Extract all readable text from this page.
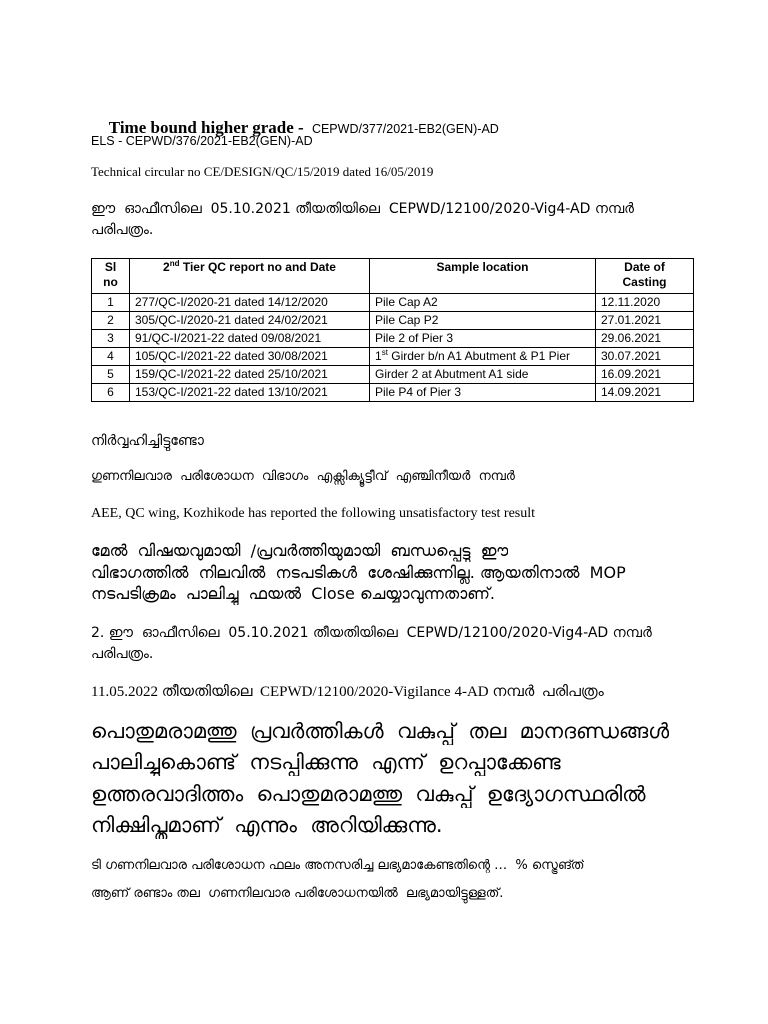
Time bound higher grade - CEPWD/377/2021-EB2(GEN)-AD

ELS - CEPWD/376/2021-EB2(GEN)-AD
Technical circular no CE/DESIGN/QC/15/2019 dated 16/05/2019
ഈ  ഓഫീസിലെ  05.10.2021 തീയതിയിലെ  CEPWD/12100/2020-Vig4-AD നമ്പർ
പരിപത്രം.
Sl no	2nd Tier QC report no and Date	Sample location	Date of Casting
1	277/QC-I/2020-21 dated 14/12/2020	Pile Cap A2	12.11.2020
2	305/QC-I/2020-21 dated 24/02/2021	Pile Cap P2	27.01.2021
3	91/QC-I/2021-22 dated 09/08/2021	Pile 2 of Pier 3	29.06.2021
4	105/QC-I/2021-22 dated 30/08/2021	1st Girder b/n A1 Abutment & P1 Pier	30.07.2021
5	159/QC-I/2021-22 dated 25/10/2021	Girder 2 at Abutment A1 side	16.09.2021
6	153/QC-I/2021-22 dated 13/10/2021	Pile P4 of Pier 3	14.09.2021
നിർവ്വഹിച്ചിട്ടുണ്ടോ
ഗുണനിലവാര  പരിശോധന  വിഭാഗം  എക്സിക്യൂട്ടീവ്  എഞ്ചിനീയർ  നമ്പർ
AEE, QC wing, Kozhikode has reported the following unsatisfactory test result
മേൽ  വിഷയവുമായി  /പ്രവർത്തിയുമായി  ബന്ധപ്പെട്ടു  ഈ
വിഭാഗത്തിൽ  നിലവിൽ  നടപടികൾ  ശേഷിക്കുന്നില്ല. ആയതിനാൽ  MOP
നടപടിക്രമം  പാലിച്ചു  ഫയൽ  Close ചെയ്യാവുന്നതാണ്.
2. ഈ  ഓഫീസിലെ  05.10.2021 തീയതിയിലെ  CEPWD/12100/2020-Vig4-AD നമ്പർ
പരിപത്രം.
11.05.2022 തീയതിയിലെ  CEPWD/12100/2020-Vigilance 4-AD നമ്പർ  പരിപത്രം
പൊതുമരാമത്തു  പ്രവർത്തികൾ  വകുപ്പ്  തല  മാനദണ്ഡങ്ങൾ
പാലിച്ചുകൊണ്ട്  നടപ്പിക്കുന്നു  എന്ന്  ഉറപ്പാക്കേണ്ട
ഉത്തരവാദിത്തം  പൊതുമരാമത്തു  വകുപ്പ്  ഉദ്യോഗസ്ഥരിൽ
നിക്ഷിപ്തമാണ്  എന്നും  അറിയിക്കുന്നു.
ടി ഗണനിലവാര പരിശോധന ഫലം അനസരിച്ച ലഭ്യമാകേണ്ടതിന്റെ …  % സ്ട്രെങ്ത്
ആണ് രണ്ടാം തല  ഗണനിലവാര പരിശോധനയിൽ  ലഭ്യമായിട്ടുള്ളത്.
